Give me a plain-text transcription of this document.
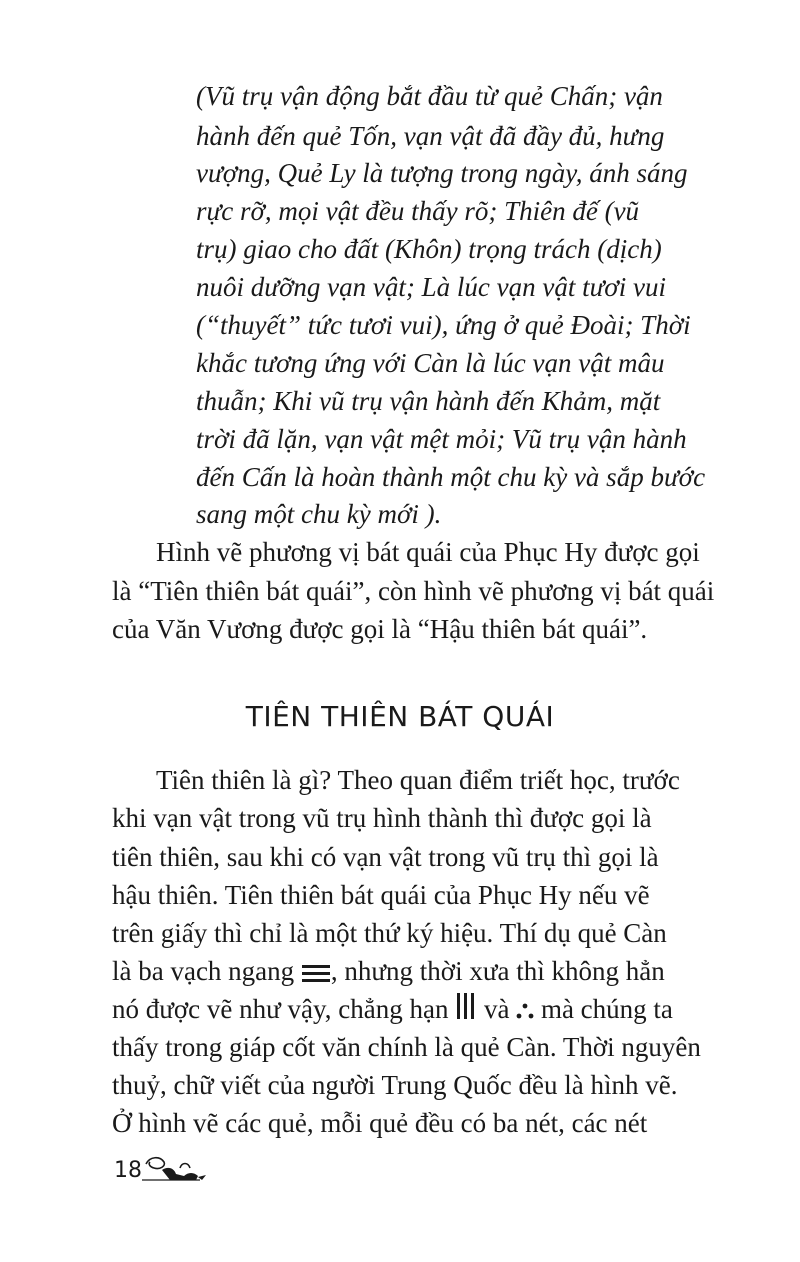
(Vũ trụ vận động bắt đầu từ quẻ Chấn; vận
hành đến quẻ Tốn, vạn vật đã đầy đủ, hưng
vượng, Quẻ Ly là tượng trong ngày, ánh sáng
rực rỡ, mọi vật đều thấy rõ; Thiên đế (vũ
trụ) giao cho đất (Khôn) trọng trách (dịch)
nuôi dưỡng vạn vật; Là lúc vạn vật tươi vui
(“thuyết” tức tươi vui), ứng ở quẻ Đoài; Thời
khắc tương ứng với Càn là lúc vạn vật mâu
thuẫn; Khi vũ trụ vận hành đến Khảm, mặt
trời đã lặn, vạn vật mệt mỏi; Vũ trụ vận hành
đến Cấn là hoàn thành một chu kỳ và sắp bước
sang một chu kỳ mới ).
Hình vẽ phương vị bát quái của Phục Hy được gọi
là “Tiên thiên bát quái”, còn hình vẽ phương vị bát quái
của Văn Vương được gọi là “Hậu thiên bát quái”.
TIÊN THIÊN BÁT QUÁI
Tiên thiên là gì? Theo quan điểm triết học, trước
khi vạn vật trong vũ trụ hình thành thì được gọi là
tiên thiên, sau khi có vạn vật trong vũ trụ thì gọi là
hậu thiên. Tiên thiên bát quái của Phục Hy nếu vẽ
trên giấy thì chỉ là một thứ ký hiệu. Thí dụ quẻ Càn
là ba vạch ngang , nhưng thời xưa thì không hẳn
nó được vẽ như vậy, chẳng hạn và mà chúng ta
thấy trong giáp cốt văn chính là quẻ Càn. Thời nguyên
thuỷ, chữ viết của người Trung Quốc đều là hình vẽ.
Ở hình vẽ các quẻ, mỗi quẻ đều có ba nét, các nét
18
